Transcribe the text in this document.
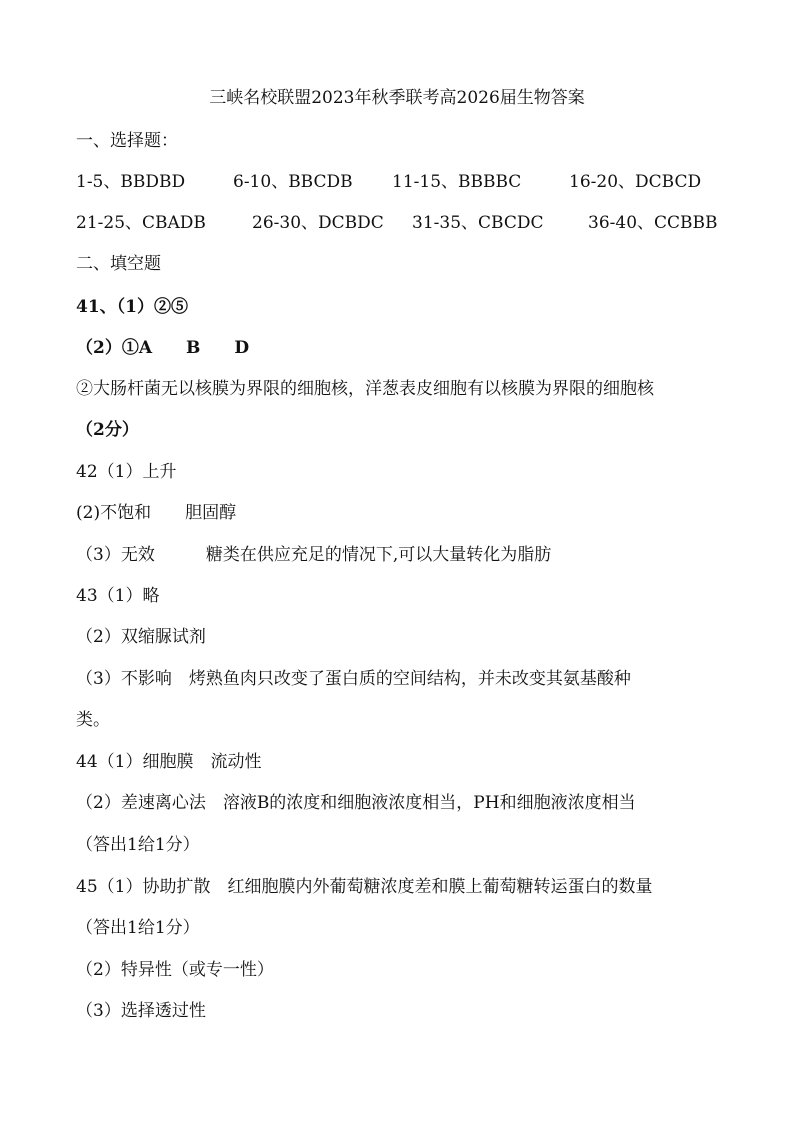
三峡名校联盟2023年秋季联考高2026届生物答案
一、选择题：
1-5、BBDBD	6-10、BBCDB 11-15、BBBBC	16-20、DCBCD
21-25、CBADB	26-30、DCBDC 31-35、CBCDC	36-40、CCBBB
二、填空题
41、（1）②⑤
（2）①A　　B　　D
②大肠杆菌无以核膜为界限的细胞核，洋葱表皮细胞有以核膜为界限的细胞核
（2分）
42（1）上升
(2)不饱和　　胆固醇
（3）无效　　　糖类在供应充足的情况下,可以大量转化为脂肪
43（1）略
（2）双缩脲试剂
（3）不影响　烤熟鱼肉只改变了蛋白质的空间结构，并未改变其氨基酸种
类。
44（1）细胞膜　流动性
（2）差速离心法　溶液B的浓度和细胞液浓度相当，PH和细胞液浓度相当
（答出1给1分）
45（1）协助扩散　红细胞膜内外葡萄糖浓度差和膜上葡萄糖转运蛋白的数量
（答出1给1分）
（2）特异性（或专一性）
（3）选择透过性
